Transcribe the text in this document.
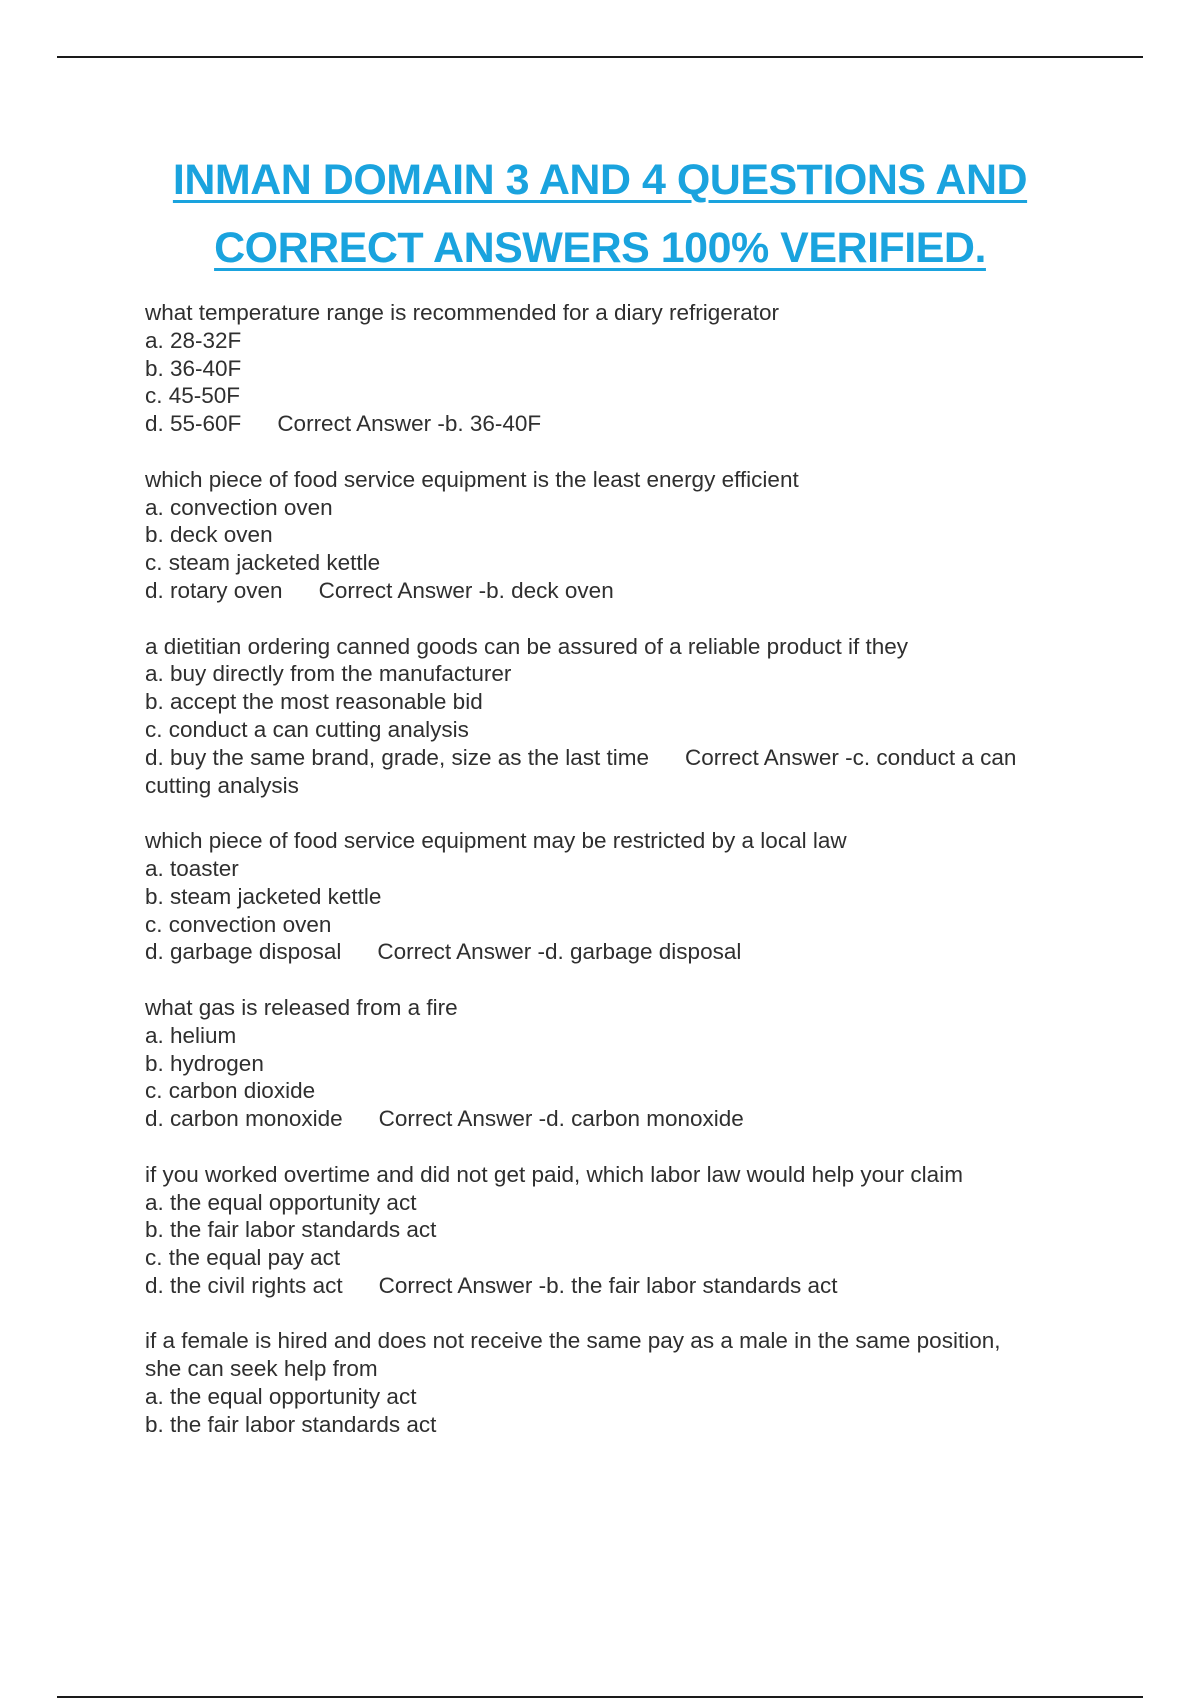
INMAN DOMAIN 3 AND 4 QUESTIONS AND
CORRECT ANSWERS 100% VERIFIED.
what temperature range is recommended for a diary refrigerator
a. 28-32F
b. 36-40F
c. 45-50F
d. 55-60F Correct Answer -b. 36-40F
which piece of food service equipment is the least energy efficient
a. convection oven
b. deck oven
c. steam jacketed kettle
d. rotary oven Correct Answer -b. deck oven
a dietitian ordering canned goods can be assured of a reliable product if they
a. buy directly from the manufacturer
b. accept the most reasonable bid
c. conduct a can cutting analysis
d. buy the same brand, grade, size as the last time Correct Answer -c. conduct a can
cutting analysis
which piece of food service equipment may be restricted by a local law
a. toaster
b. steam jacketed kettle
c. convection oven
d. garbage disposal Correct Answer -d. garbage disposal
what gas is released from a fire
a. helium
b. hydrogen
c. carbon dioxide
d. carbon monoxide Correct Answer -d. carbon monoxide
if you worked overtime and did not get paid, which labor law would help your claim
a. the equal opportunity act
b. the fair labor standards act
c. the equal pay act
d. the civil rights act Correct Answer -b. the fair labor standards act
if a female is hired and does not receive the same pay as a male in the same position,
she can seek help from
a. the equal opportunity act
b. the fair labor standards act
